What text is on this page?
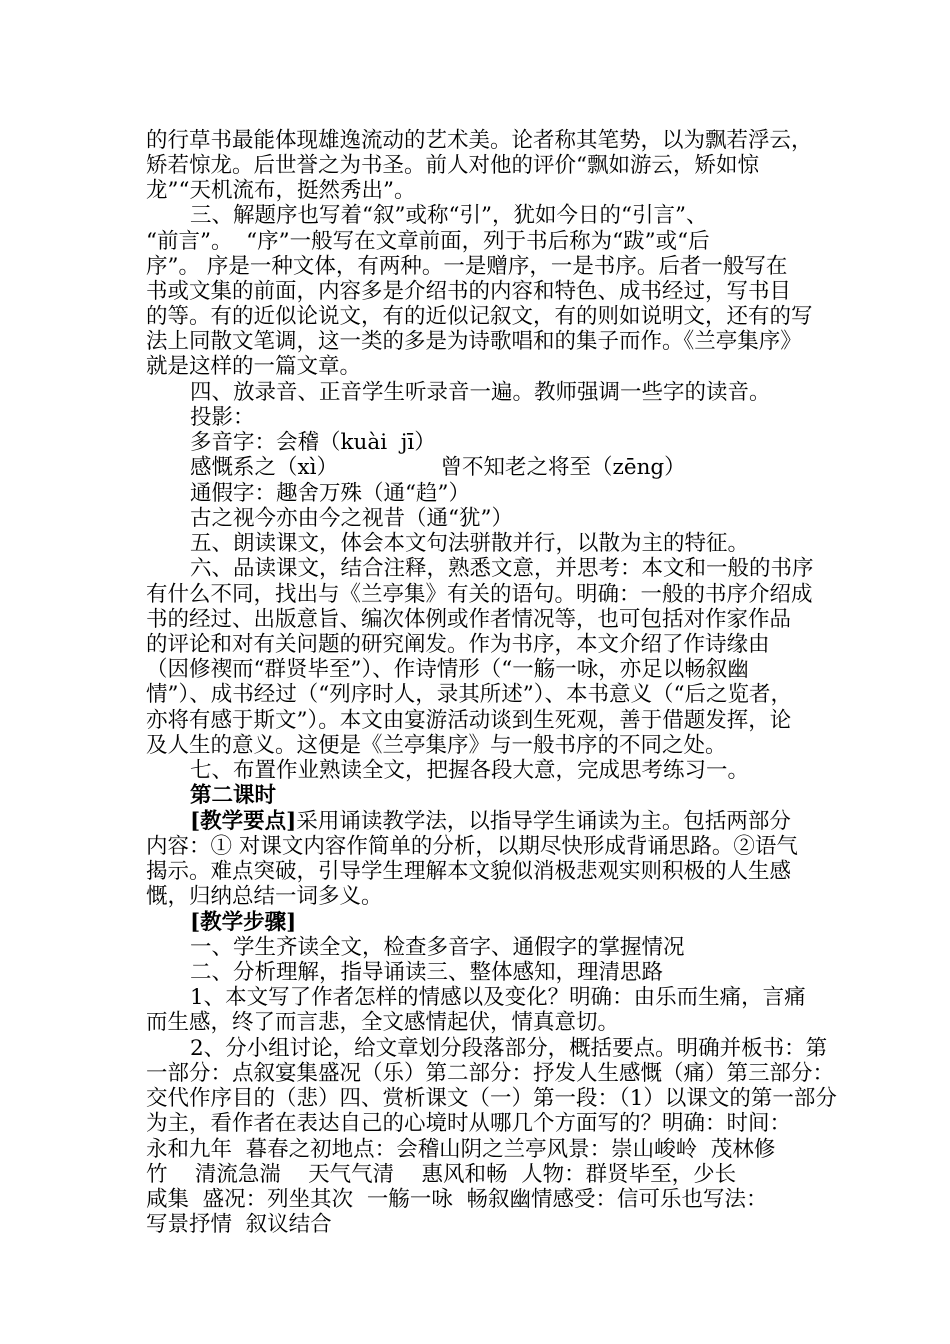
的行草书最能体现雄逸流动的艺术美。论者称其笔势，以为飘若浮云，
矫若惊龙。后世誉之为书圣。前人对他的评价“飘如游云，矫如惊
龙”“天机流布，挺然秀出”。
三、解题序也写着“叙”或称“引”，犹如今日的“引言”、
“前言”。  “序”一般写在文章前面，列于书后称为“跋”或“后
序”。 序是一种文体，有两种。一是赠序，一是书序。后者一般写在
书或文集的前面，内容多是介绍书的内容和特色、成书经过，写书目
的等。有的近似论说文，有的近似记叙文，有的则如说明文，还有的写
法上同散文笔调，这一类的多是为诗歌唱和的集子而作。《兰亭集序》
就是这样的一篇文章。
四、放录音、正音学生听录音一遍。教师强调一些字的读音。
投影：
多音字：会稽（kuài  jī）
感慨系之（xì）               曾不知老之将至（zēng）
通假字：趣舍万殊（通“趋”）
古之视今亦由今之视昔（通“犹”）
五、朗读课文，体会本文句法骈散并行，以散为主的特征。
六、品读课文，结合注释，熟悉文意，并思考：本文和一般的书序
有什么不同，找出与《兰亭集》有关的语句。明确：一般的书序介绍成
书的经过、出版意旨、编次体例或作者情况等，也可包括对作家作品
的评论和对有关问题的研究阐发。作为书序，本文介绍了作诗缘由
（因修禊而“群贤毕至”）、作诗情形（“一觞一咏，亦足以畅叙幽
情”）、成书经过（“列序时人，录其所述”）、本书意义（“后之览者，
亦将有感于斯文”）。本文由宴游活动谈到生死观，善于借题发挥，论
及人生的意义。这便是《兰亭集序》与一般书序的不同之处。
七、布置作业熟读全文，把握各段大意，完成思考练习一。
第二课时
[教学要点]采用诵读教学法，以指导学生诵读为主。包括两部分
内容：① 对课文内容作简单的分析，以期尽快形成背诵思路。②语气
揭示。难点突破，引导学生理解本文貌似消极悲观实则积极的人生感
慨，归纳总结一词多义。
[教学步骤]
一、学生齐读全文，检查多音字、通假字的掌握情况
二、分析理解，指导诵读三、整体感知，理清思路
1、本文写了作者怎样的情感以及变化？明确：由乐而生痛，言痛
而生感，终了而言悲，全文感情起伏，情真意切。
2、分小组讨论，给文章划分段落部分，概括要点。明确并板书：第
一部分：点叙宴集盛况（乐）第二部分：抒发人生感慨（痛）第三部分：
交代作序目的（悲）四、赏析课文（一）第一段：（1）以课文的第一部分
为主，看作者在表达自己的心境时从哪几个方面写的？明确：时间：
永和九年  暮春之初地点：会稽山阴之兰亭风景：崇山峻岭  茂林修
竹    清流急湍    天气气清    惠风和畅  人物：群贤毕至，少长
咸集  盛况：列坐其次  一觞一咏  畅叙幽情感受：信可乐也写法：
写景抒情  叙议结合
